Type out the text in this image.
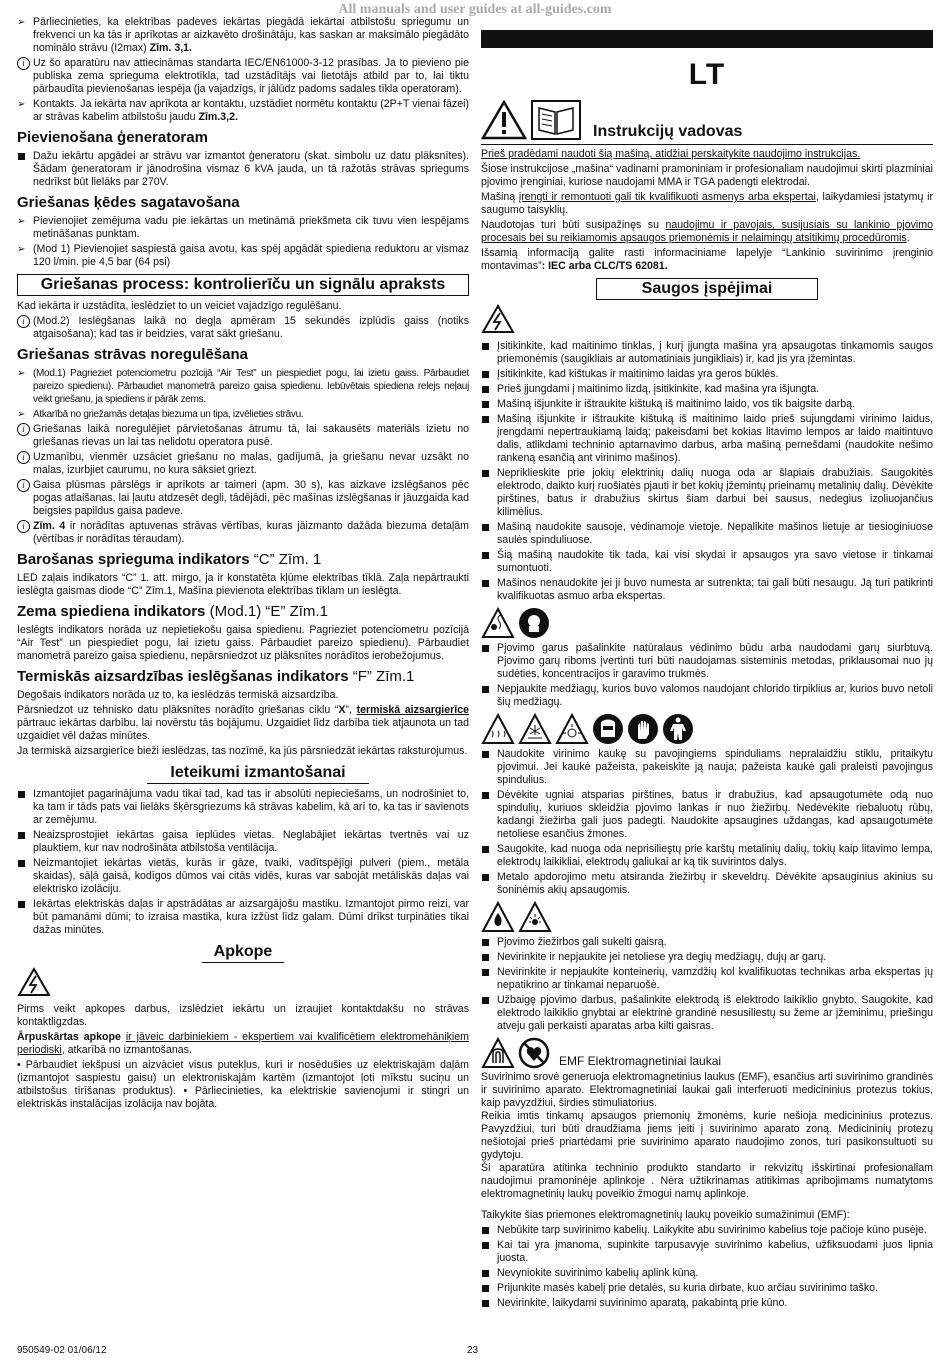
All manuals and user guides at all-guides.com

➢ Pārliecinieties, ka elektrības padeves iekārtas piegādā iekārtai atbilstošu spriegumu un frekvenci un ka tās ir aprīkotas ar aizkavēto drošinātāju, kas saskan ar maksimālo piegādāto nominālo strāvu (I2max) Zīm. 3,1.

i Uz šo aparatūru nav attiecināmas standarta IEC/EN61000-3-12 prasības. Ja to pievieno pie publiska zema sprieguma elektrotīkla, tad uzstādītājs vai lietotājs atbild par to, lai tiktu pārbaudīta pievienošanas iespēja (ja vajadzīgs, ir jālūdz padoms sadales tīkla operatoram).

➢ Kontakts. Ja iekārta nav aprīkota ar kontaktu, uzstādiet normētu kontaktu (2P+T vienai fāzei) ar strāvas kabelim atbilstošu jaudu Zīm.3,2.

Pievienošana ģeneratoram

Dažu iekārtu apgādei ar strāvu var izmantot ģeneratoru (skat. simbolu uz datu plāksnītes). Šādam ģeneratoram ir jānodrošina vismaz 6 kVA jauda, un tā ražotās strāvas spriegums nedrīkst būt lielāks par 270V.

Griešanas ķēdes sagatavošana

➢ Pievienojiet zemējuma vadu pie iekārtas un metināmā priekšmeta cik tuvu vien iespējams metināšanas punktam.

➢ (Mod 1) Pievienojiet saspiestā gaisa avotu, kas spēj apgādāt spiediena reduktoru ar vismaz 120 l/min. pie 4,5 bar (64 psi)

Griešanas process: kontrolierīču un signālu apraksts

Kad iekārta ir uzstādīta, ieslēdziet to un veiciet vajadzīgo regulēšanu.

i (Mod.2) Ieslēgšanas laikā no degļa apmēram 15 sekundēs izplūdīs gaiss (notiks atgaisošana); kad tas ir beidzies, varat sākt griešanu.

Griešanas strāvas noregulēšana

➢ (Mod.1) Pagrieziet potenciometru pozīcijā “Air Test” un piespiediet pogu, lai izietu gaiss. Pārbaudiet pareizo spiedienu). Pārbaudiet manometrā pareizo gaisa spiedienu. Iebūvētais spiediena relejs neļauj veikt griešanu, ja spiediens ir pārāk zems.

➢ Atkarībā no griežamās detaļas biezuma un tipa, izvēlieties strāvu.

i Griešanas laikā noregulējiet pārvietošanas ātrumu tā, lai sakausēts materiāls izietu no griešanas rievas un lai tas nelidotu operatora pusē.

i Uzmanību, vienmēr uzsāciet griešanu no malas, gadījumā, ja griešanu nevar uzsākt no malas, izurbjiet caurumu, no kura sāksiet griezt.

i Gaisa plūsmas pārslēgs ir aprīkots ar taimeri (apm. 30 s), kas aizkave izslēgšanos pēc pogas atlaišanas, lai ļautu atdzesēt degli, tādējādi, pēc mašīnas izslēgšanas ir jāuzgaida kad beigsies papildus gaisa padeve.

i Zīm. 4 ir norādītas aptuvenas strāvas vērtības, kuras jāizmanto dažāda biezuma detaļām (vērtības ir norādītas tēraudam).

Barošanas sprieguma indikators “C” Zīm. 1

LED zaļais indikators “C” 1. att. mirgo, ja ir konstatēta kļūme elektrības tīklā. Zaļa nepārtraukti ieslēgta gaismas diode “C” Zīm.1, Mašīna pievienota elektrības tīklam un ieslēgta.

Zema spiediena indikators (Mod.1) “E” Zīm.1

Ieslēgts indikators norāda uz nepietiekošu gaisa spiedienu. Pagrieziet potenciometru pozīcijā “Air Test” un piespiediet pogu, lai izietu gaiss. Pārbaudiet pareizo spiedienu). Pārbaudiet manometrā pareizo gaisa spiedienu, nepārsniedzot uz plāksnītes norādītos ierobežojumus.

Termiskās aizsardzības ieslēgšanas indikators “F” Zīm.1

Degošais indikators norāda uz to, ka ieslēdzās termiskā aizsardzība.

Pārsniedzot uz tehnisko datu plāksnītes norādīto griešanas ciklu “X”, termiskā aizsargierīce pārtrauc iekārtas darbību, lai novērstu tās bojājumu. Uzgaidiet līdz darbība tiek atjaunota un tad uzgaidiet vēl dažas minūtes.

Ja termiskā aizsargierīce bieži ieslēdzas, tas nozīmē, ka jūs pārsniedzāt iekārtas raksturojumus.

Ieteikumi izmantošanai

Izmantojiet pagarinājuma vadu tikai tad, kad tas ir absolūti nepieciešams, un nodrošiniet to, ka tam ir tāds pats vai lielāks šķērsgriezums kā strāvas kabelim, kā arī to, ka tas ir savienots ar zemējumu.

Neaizsprostojiet iekārtas gaisa ieplūdes vietas. Neglabājiet iekārtas tvertnēs vai uz plauktiem, kur nav nodrošināta atbilstoša ventilācija.

Neizmantojiet iekārtas vietās, kurās ir gāze, tvaiki, vadītspējīgi pulveri (piem., metāla skaidas), sāļā gaisā, kodīgos dūmos vai citās vidēs, kuras var sabojāt metāliskās daļas vai elektrisko izolāciju.

Iekārtas elektriskās daļas ir apstrādātas ar aizsargājošu mastiku. Izmantojot pirmo reizi, var būt pamanāmi dūmi; to izraisa mastika, kura izžūst līdz galam. Dūmi drīkst turpināties tikai dažas minūtes.

Apkope

Pirms veikt apkopes darbus, izslēdziet iekārtu un izraujiet kontaktdakšu no strāvas kontaktligzdas.

Ārpuskārtas apkope ir jāveic darbiniekiem - ekspertiem vai kvalificētiem elektromehāniķiem periodiski, atkarībā no izmantošanas.

• Pārbaudiet iekšpusi un aizvāciet visus putekļus, kuri ir nosēdušies uz elektriskajām daļām (izmantojot saspiestu gaisu) un elektroniskajām kartēm (izmantojot ļoti mīkstu suciņu un atbilstošus tīrīšanas produktus). • Pārliecinieties, ka elektriskie savienojumi ir stingri un elektriskās instalācijas izolācija nav bojāta.

LT
Instrukcijų vadovas

Prieš pradėdami naudoti šią mašiną, atidžiai perskaitykite naudojimo instrukcijas.

Šiose instrukcijose „mašina“ vadinami pramoniniam ir profesionaliam naudojimui skirti plazminiai pjovimo įrenginiai, kuriose naudojami MMA ir TGA padengti elektrodai.

Mašiną įrengti ir remontuoti gali tik kvalifikuoti asmenys arba ekspertai, laikydamiesi įstatymų ir saugumo taisyklių.

Naudotojas turi būti susipažinęs su naudojimu ir pavojais, susijusiais su lankinio pjovimo procesais bei su reikiamomis apsaugos priemonėmis ir nelaimingų atsitikimų procedūromis.

Išsamią informaciją galite rasti informaciniame lapelyje “Lankinio suvirinimo įrenginio montavimas”: IEC arba CLC/TS 62081.

Saugos įspėjimai

Įsitikinkite, kad maitinimo tinklas, į kurį įjungta mašina yra apsaugotas tinkamomis saugos priemonėmis (saugikliais ar automatiniais jungikliais) ir, kad jis yra įžemintas.

Įsitikinkite, kad kištukas ir maitinimo laidas yra geros būklės.

Prieš įjungdami į maitinimo lizdą, įsitikinkite, kad mašina yra išjungta.

Mašiną išjunkite ir ištraukite kištuką iš maitinimo laido, vos tik baigsite darbą.

Mašiną išjunkite ir ištraukite kištuką iš maitinimo laido prieš sujungdami virinimo laidus, įrengdami nepertraukiamą laidą; pakeisdami bet kokias litavimo lempos ar laido maitintuvo dalis, atlikdami techninio aptarnavimo darbus, arba mašiną pernešdami (naudokite nešimo rankeną esančią ant virinimo mašinos).

Nepriklieskite prie jokių elektrinių dalių nuoga oda ar šlapiais drabužiais. Saugokitės elektrodo, daikto kurį ruošiatės pjauti ir bet kokių įžemintų prieinamų metalinių dalių. Dėvėkite pirštines, batus ir drabužius skirtus šiam darbui bei sausus, nedegius izoliuojančius kilimėlius.

Mašiną naudokite sausoje, vėdinamoje vietoje. Nepalikite mašinos lietuje ar tiesioginiuose saulės spinduliuose.

Šią mašiną naudokite tik tada, kai visi skydai ir apsaugos yra savo vietose ir tinkamai sumontuoti.

Mašinos nenaudokite jei ji buvo numesta ar sutrenkta; tai gali būti nesaugu. Ją turi patikrinti kvalifikuotas asmuo arba ekspertas.

Pjovimo garus pašalinkite natūralaus vėdinimo būdu arba naudodami garų siurbtuvą. Pjovimo garų riboms įvertinti turi būti naudojamas sisteminis metodas, priklausomai nuo jų sudėties, koncentracijos ir garavimo trukmės.

Nepjaukite medžiagų, kurios buvo valomos naudojant chlorido tirpiklius ar, kurios buvo netoli šių medžiagų.

Naudokite virinimo kaukę su pavojingiems spinduliams nepralaidžiu stiklu, pritaikytu pjovimui. Jei kaukė pažeista, pakeiskite ją nauja; pažeista kaukė gali praleisti pavojingus spindulius.

Dėvėkite ugniai atsparias pirštines, batus ir drabužius, kad apsaugotumėte odą nuo spindulių, kuriuos skleidžia pjovimo lankas ir nuo žiežirbų. Nedėvėkite riebaluotų rūbų, kadangi žiežirba gali juos padegti. Naudokite apsaugines uždangas, kad apsaugotumėte netoliese esančius žmones.

Saugokite, kad nuoga oda neprisilies̨tų prie karštų metalinių dalių, tokių kaip litavimo lempa, elektrodų laikikliai, elektrodų galiukai ar ką tik suvirintos dalys.

Metalo apdorojimo metu atsiranda žiežirbų ir skeveldrų. Dėvėkite apsauginius akinius su šoninėmis akių apsaugomis.

Pjovimo žiežirbos gali sukelti gaisrą.

Nevirinkite ir nepjaukite jei netoliese yra degių medžiagų, dujų ar garų.

Nevirinkite ir nepjaukite konteinerių, vamzdžių kol kvalifikuotas technikas arba ekspertas jų nepatikrino ar tinkamai neparuošė.

Užbaigę pjovimo darbus, pašalinkite elektrodą iš elektrodo laikiklio gnybto. Saugokite, kad elektrodo laikiklio gnybtai ar elektrinė grandinė nesusiliestų su žeme ar įžeminimu, prieš̌ingu atveju gali perkaisti aparatas arba kilti gaisras.

EMF Elektromagnetiniai laukai

Suvirinimo srovė generuoja elektromagnetinius laukus (EMF), esančius arti suvirinimo grandinės ir suvirinimo aparato. Elektromagnetiniai laukai gali interferuoti medicininius protezus tokius, kaip pavyzdžiui, širdies stimuliatorius.
Reikia imtis tinkamų apsaugos priemonių žmonėms, kurie nešioja medicininius protezus. Pavyzdžiui, turi būti draudžiama jiems įeiti į suvirinimo aparato zoną. Medicininių protezų nešiotojai prieš priartėdami prie suvirinimo aparato naudojimo zonos, turi pasikonsultuoti su gydytoju.
Ši aparatūra atitinka techninio produkto standarto ir rekvizitų išskirtinai profesionaliam naudojimui pramoninėje aplinkoje . Nėra užtikrinamas atitikimas apribojimams numatytoms elektromagnetinių laukų poveikio žmogui namų aplinkoje.

Taikykite šias priemones elektromagnetinių laukų poveikio sumažinimui (EMF):

Nebūkite tarp suvirinimo kabelių. Laikykite abu suvirinimo kabelius toje pačioje kūno pusėje.

Kai tai yra įmanoma, supinkite tarpusavyje suvirinimo kabelius, užfiksuodami juos lipnia juosta.

Nevyniokite suvirinimo kabelių aplink kūną.

Prijunkite masės kabelį prie detalės, su kuria dirbate, kuo arčiau suvirinimo taško.

Nevirinkite, laikydami suvirinimo aparatą, pakabintą prie kūno.

950549-02 01/06/12	23
